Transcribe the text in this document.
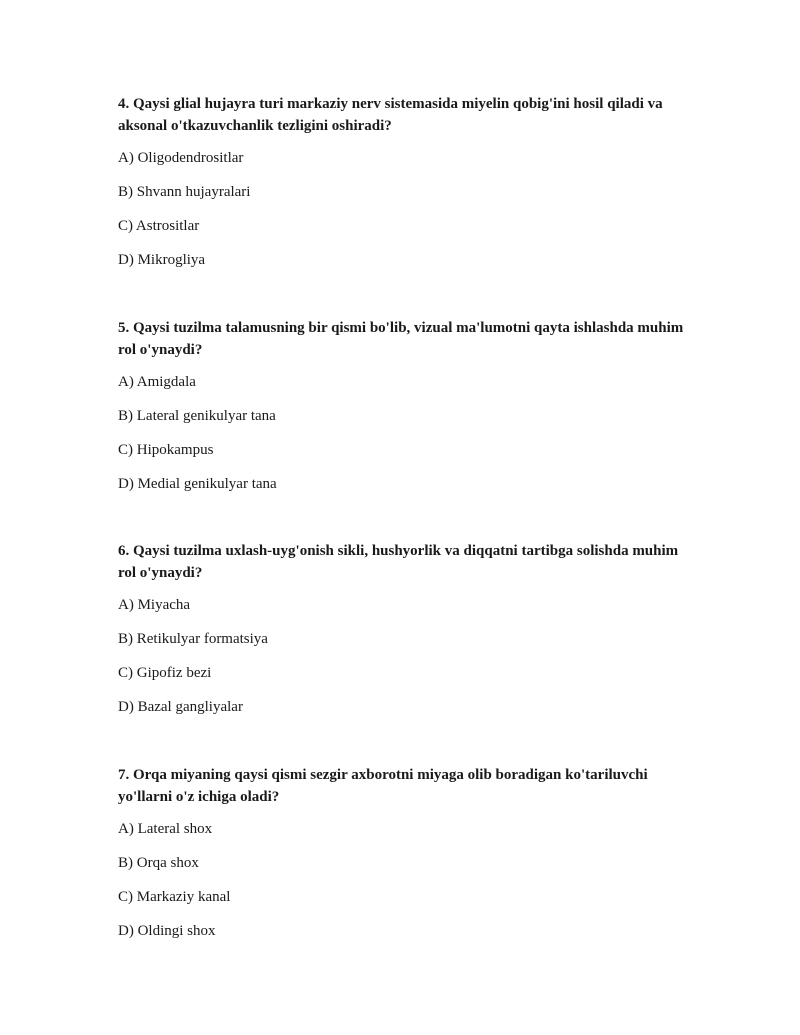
4. Qaysi glial hujayra turi markaziy nerv sistemasida miyelin qobig'ini hosil qiladi va aksonal o'tkazuvchanlik tezligini oshiradi?

A) Oligodendrositlar
B) Shvann hujayralari
C) Astrositlar
D) Mikrogliya

5. Qaysi tuzilma talamusning bir qismi bo'lib, vizual ma'lumotni qayta ishlashda muhim rol o'ynaydi?

A) Amigdala
B) Lateral genikulyar tana
C) Hipokampus
D) Medial genikulyar tana

6. Qaysi tuzilma uxlash-uyg'onish sikli, hushyorlik va diqqatni tartibga solishda muhim rol o'ynaydi?

A) Miyacha
B) Retikulyar formatsiya
C) Gipofiz bezi
D) Bazal gangliyalar

7. Orqa miyaning qaysi qismi sezgir axborotni miyaga olib boradigan ko'tariluvchi yo'llarni o'z ichiga oladi?

A) Lateral shox
B) Orqa shox
C) Markaziy kanal
D) Oldingi shox
